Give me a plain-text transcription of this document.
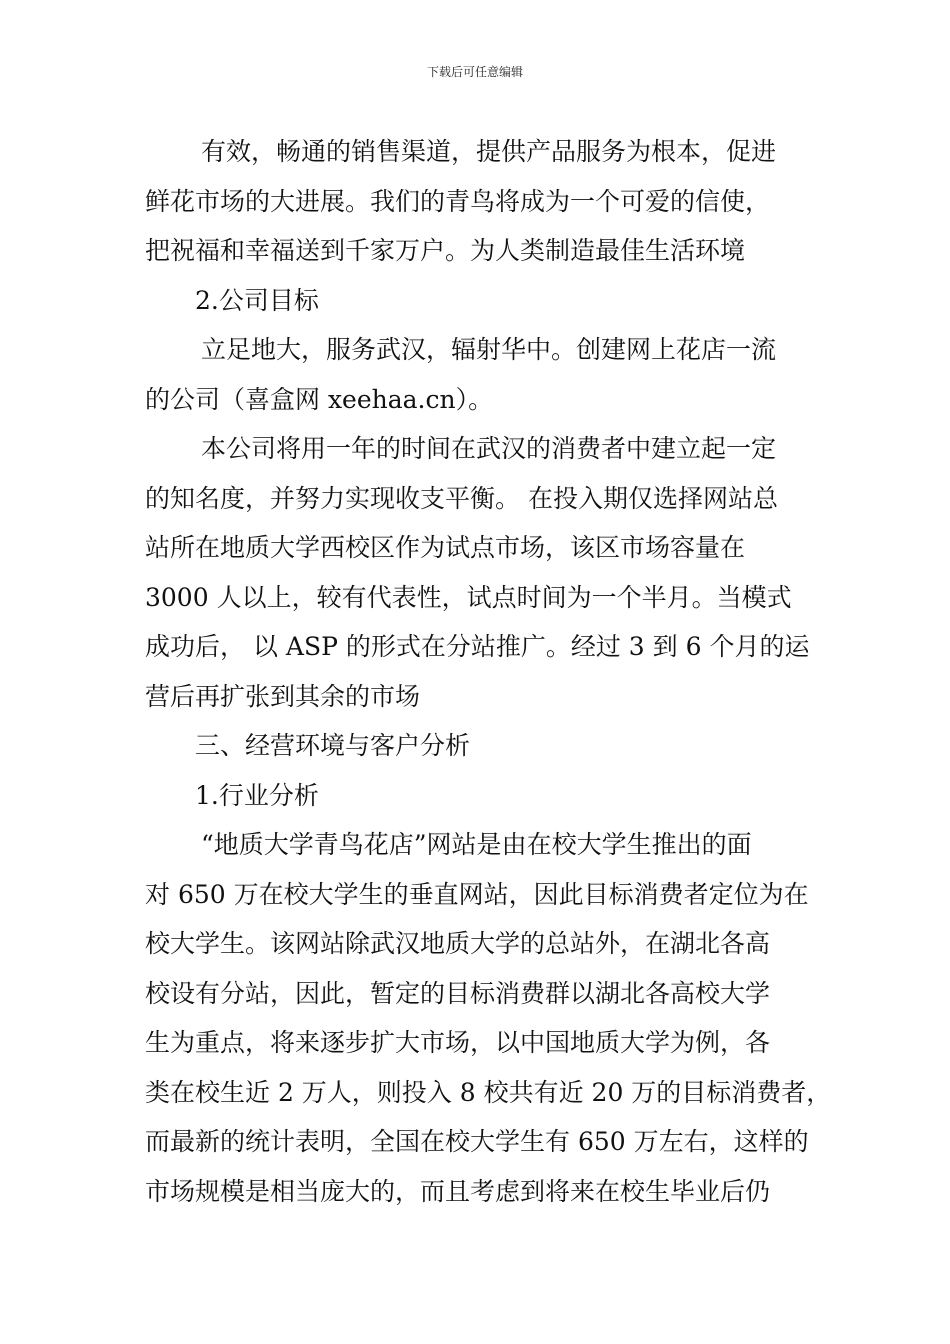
下载后可任意编辑
有效，畅通的销售渠道，提供产品服务为根本，促进
鲜花市场的大进展。我们的青鸟将成为一个可爱的信使，
把祝福和幸福送到千家万户。为人类制造最佳生活环境
2.公司目标
立足地大，服务武汉，辐射华中。创建网上花店一流
的公司（喜盒网 xeehaa.cn）。
本公司将用一年的时间在武汉的消费者中建立起一定
的知名度，并努力实现收支平衡。 在投入期仅选择网站总
站所在地质大学西校区作为试点市场，该区市场容量在
3000 人以上，较有代表性，试点时间为一个半月。当模式
成功后， 以 ASP 的形式在分站推广。经过 3 到 6 个月的运
营后再扩张到其余的市场
三、经营环境与客户分析
1.行业分析
“地质大学青鸟花店”网站是由在校大学生推出的面
对 650 万在校大学生的垂直网站，因此目标消费者定位为在
校大学生。该网站除武汉地质大学的总站外，在湖北各高
校设有分站，因此，暂定的目标消费群以湖北各高校大学
生为重点，将来逐步扩大市场，以中国地质大学为例，各
类在校生近 2 万人，则投入 8 校共有近 20 万的目标消费者，
而最新的统计表明，全国在校大学生有 650 万左右，这样的
市场规模是相当庞大的，而且考虑到将来在校生毕业后仍
